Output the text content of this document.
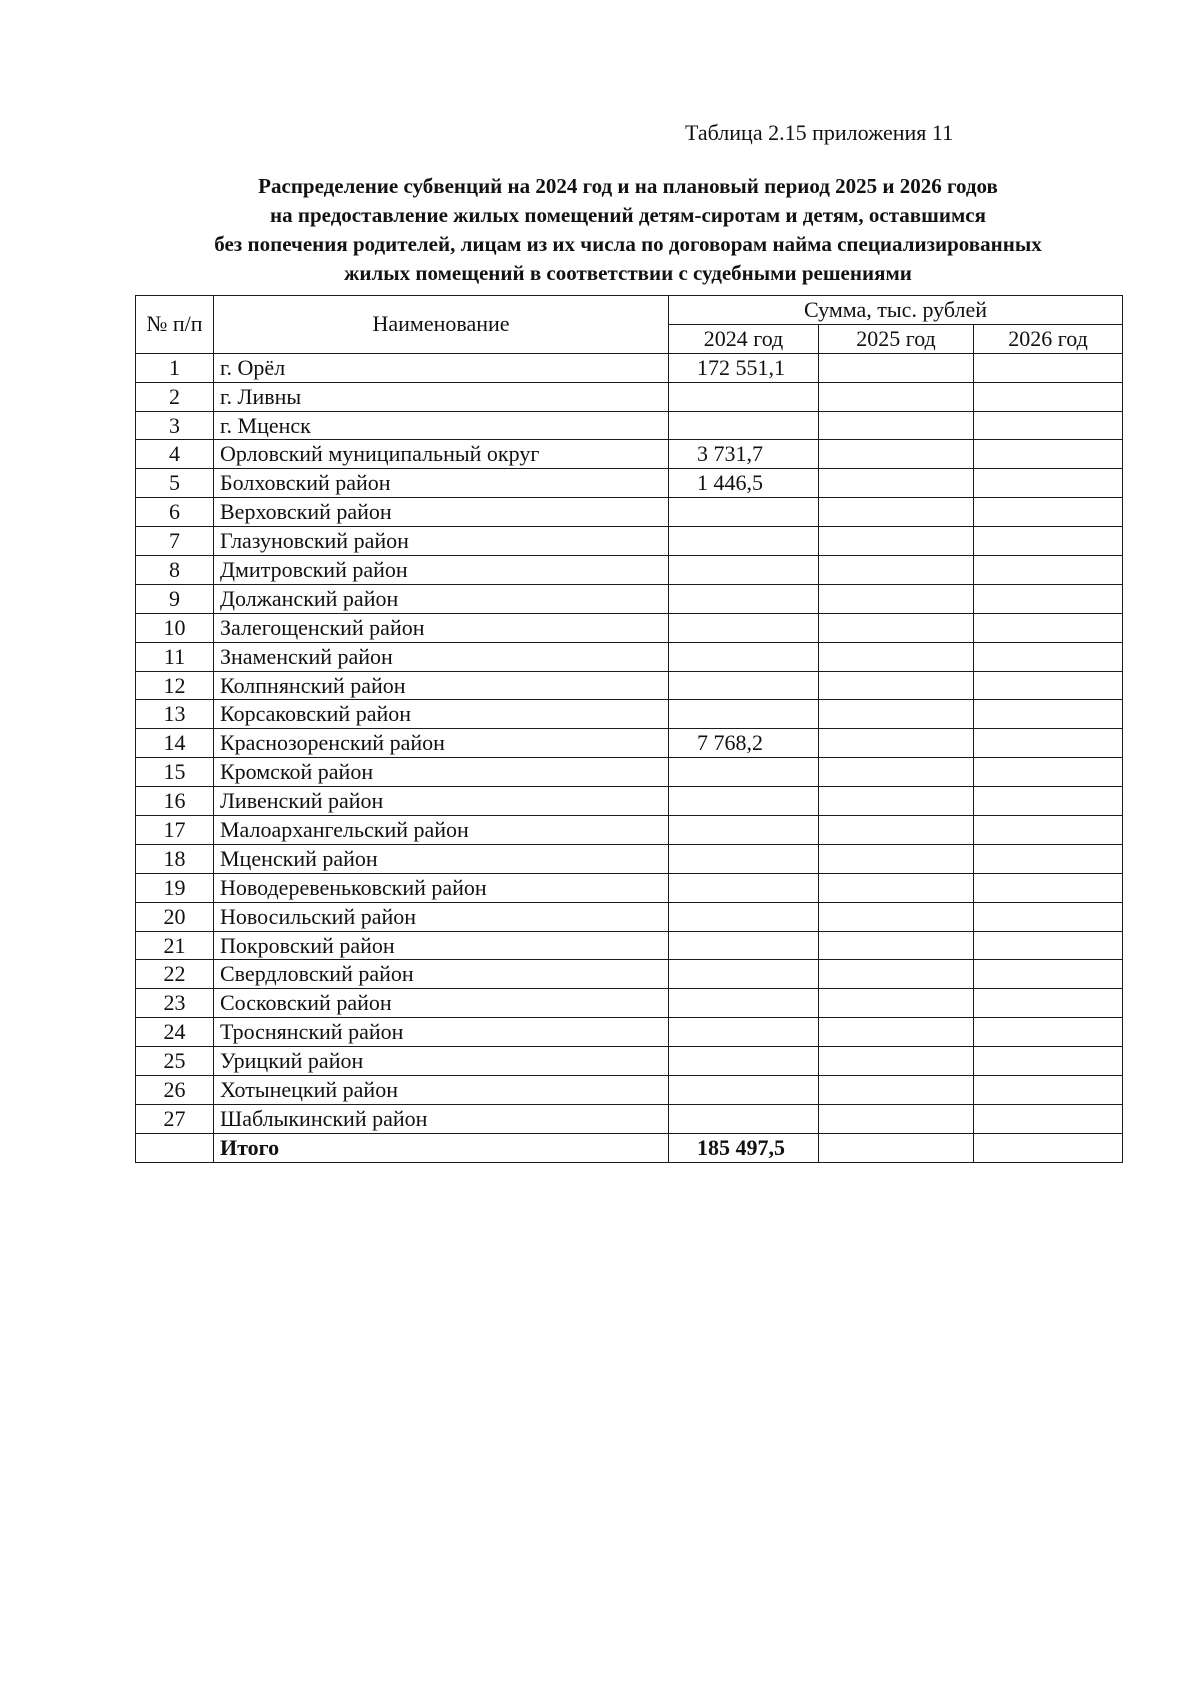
Таблица 2.15 приложения 11
Распределение субвенций на 2024 год и на плановый период 2025 и 2026 годов
на предоставление жилых помещений детям-сиротам и детям, оставшимся
без попечения родителей, лицам из их числа по договорам найма специализированных
жилых помещений в соответствии с судебными решениями
№ п/п	Наименование	Сумма, тыс. рублей		
		2024 год	2025 год	2026 год
1	г. Орёл	172 551,1		
2	г. Ливны			
3	г. Мценск			
4	Орловский муниципальный округ	3 731,7		
5	Болховский район	1 446,5		
6	Верховский район			
7	Глазуновский район			
8	Дмитровский район			
9	Должанский район			
10	Залегощенский район			
11	Знаменский район			
12	Колпнянский район			
13	Корсаковский район			
14	Краснозоренский район	7 768,2		
15	Кромской район			
16	Ливенский район			
17	Малоархангельский район			
18	Мценский район			
19	Новодеревеньковский район			
20	Новосильский район			
21	Покровский район			
22	Свердловский район			
23	Сосковский район			
24	Троснянский район			
25	Урицкий район			
26	Хотынецкий район			
27	Шаблыкинский район			
	Итого	185 497,5		
